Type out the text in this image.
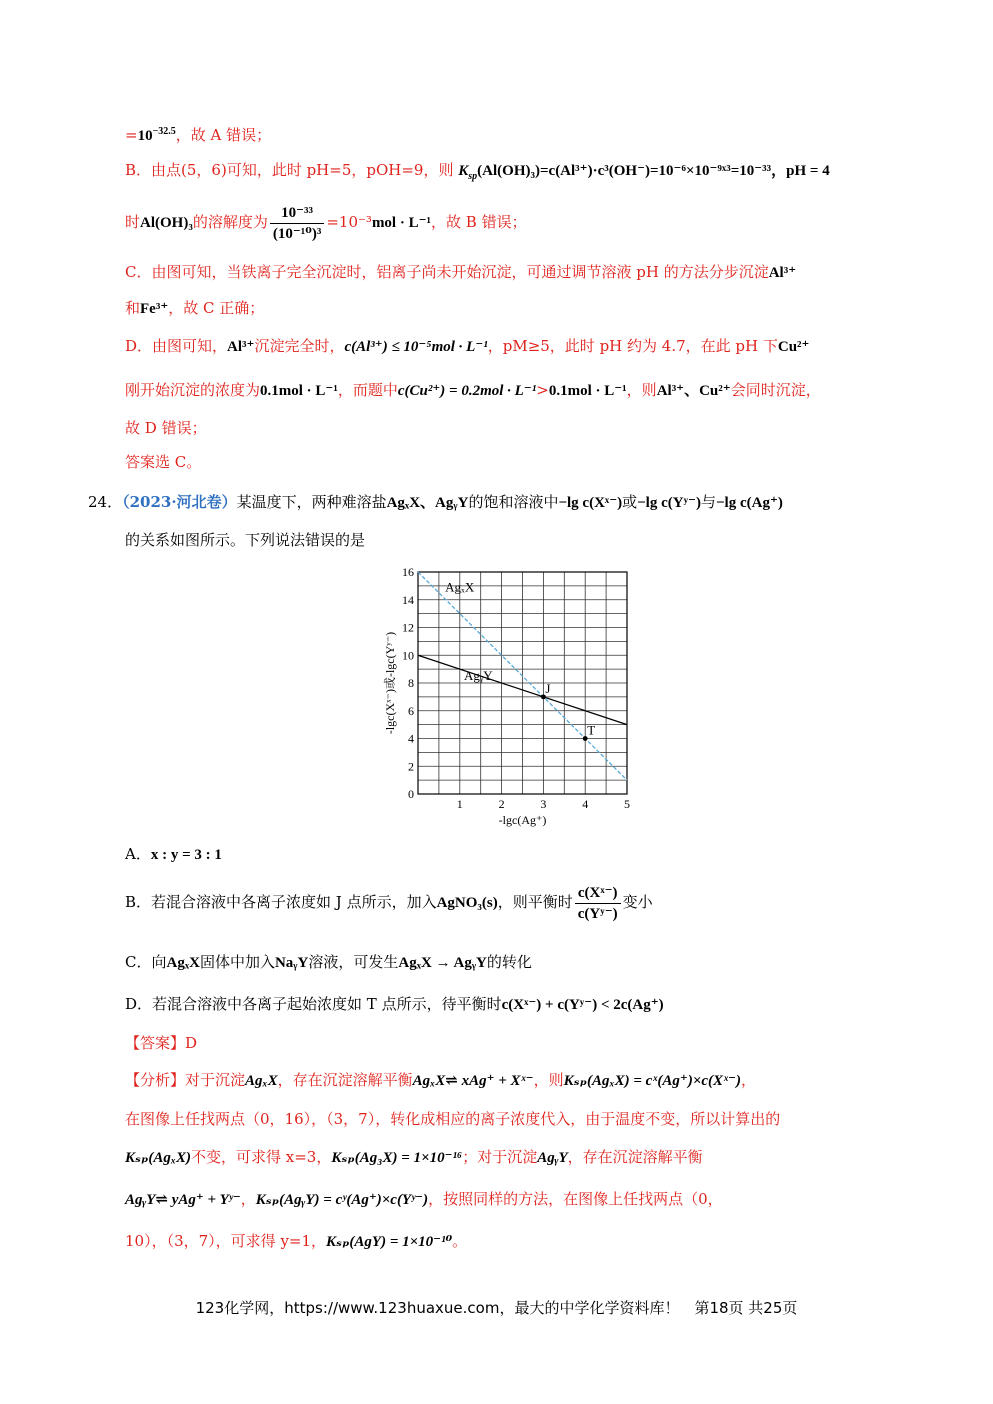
$=10^{-32.5}$，故 A 错误；
B．由点(5，6)可知，此时 pH=5，pOH=9，则 $K_{sp}(Al(OH)_3)=c(Al^{3+})\cdot c^3(OH^-)=10^{-6}\times 10^{-9}ˣ^3=10^{-33}$，pH = 4
时Al(OH)₃的溶解度为 $\frac{\text{10⁻³³}}{\text{(10⁻¹⁰)³}} =10^{-3}mol \cdot L^{-1}$，故 B 错误；
C．由图可知，当铁离子完全沉淀时，铝离子尚未开始沉淀，可通过调节溶液 pH 的方法分步沉淀Al³⁺
和Fe³⁺，故 C 正确；
D．由图可知，Al³⁺沉淀完全时，c(Al³⁺) ≤ 10⁻⁵mol · L⁻¹，pM≥5，此时 pH 约为 4.7，在此 pH 下Cu²⁺
刚开始沉淀的浓度为0.1mol · L⁻¹，而题中c(Cu²⁺) = 0.2mol · L⁻¹>0.1mol · L⁻¹，则Al³⁺、Cu²⁺会同时沉淀，
故 D 错误；
答案选 C。
24．（2023·河北卷）某温度下，两种难溶盐AgₓX、AgᵧY的饱和溶液中−lg c(Xˣ⁻)或−lg c(Yʸ⁻)与−lg c(Ag⁺)
的关系如图所示。下列说法错误的是
AgₓX
AgᵧY
J
T
1	2	3	4	5
0
2
4
6
8
10
12
14
16
-lgc(Ag⁺)
-lgc(Xˣ⁻)或-lgc(Yʸ⁻)
A．x : y = 3 : 1
B．若混合溶液中各离子浓度如 J 点所示，加入AgNO₃(s)，则平衡时 $\frac{\text{c(Xˣ⁻)}}{\text{c(Yʸ⁻)}}$ 变小
C．向AgₓX固体中加入NaᵧY溶液，可发生AgₓX → AgᵧY的转化
D．若混合溶液中各离子起始浓度如 T 点所示，待平衡时c(Xˣ⁻) + c(Yʸ⁻) < 2c(Ag⁺)
【答案】D
【分析】对于沉淀AgₓX，存在沉淀溶解平衡AgₓX⇌ xAg⁺ + Xˣ⁻，则Kₛₚ(AgₓX) = cˣ(Ag⁺)×c(Xˣ⁻)，
在图像上任找两点（0，16），（3，7），转化成相应的离子浓度代入，由于温度不变，所以计算出的
Kₛₚ(AgₓX)不变，可求得 x=3，Kₛₚ(Ag₃X) = 1×10⁻¹⁶；对于沉淀AgᵧY，存在沉淀溶解平衡
AgᵧY⇌ yAg⁺ + Yʸ⁻，Kₛₚ(AgᵧY) = cʸ(Ag⁺)×c(Yʸ⁻)，按照同样的方法，在图像上任找两点（0，
10），（3，7），可求得 y=1，Kₛₚ(AgY) = 1×10⁻¹⁰。
123化学网，https://www.123huaxue.com，最大的中学化学资料库！　第18页 共25页
